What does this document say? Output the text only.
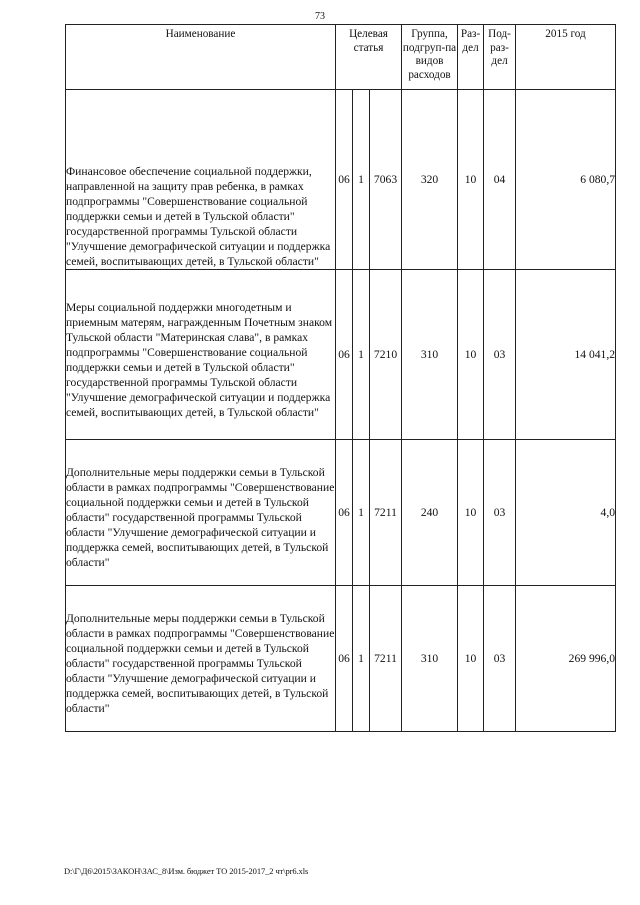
73
Наименование	Целевая статья			Группа, подгруп-па видов расходов	Раз-дел	Под-раз-дел	2015 год
Финансовое обеспечение социальной поддержки, направленной на защиту прав ребенка, в рамках подпрограммы "Совершенствование социальной поддержки семьи и детей в Тульской области" государственной программы Тульской области "Улучшение демографической ситуации и поддержка семей, воспитывающих детей, в Тульской области"	06	1	7063	320	10	04	6 080,7
Меры социальной поддержки многодетным и приемным матерям, награжденным Почетным знаком Тульской области "Материнская слава", в рамках подпрограммы "Совершенствование социальной поддержки семьи и детей в Тульской области" государственной программы Тульской области "Улучшение демографической ситуации и поддержка семей, воспитывающих детей, в Тульской области"	06	1	7210	310	10	03	14 041,2
Дополнительные меры поддержки семьи в Тульской области в рамках подпрограммы "Совершенствование социальной поддержки семьи и детей в Тульской области" государственной программы Тульской области "Улучшение демографической ситуации и поддержка семей, воспитывающих детей, в Тульской области"	06	1	7211	240	10	03	4,0
Дополнительные меры поддержки семьи в Тульской области в рамках подпрограммы "Совершенствование социальной поддержки семьи и детей в Тульской области" государственной программы Тульской области "Улучшение демографической ситуации и поддержка семей, воспитывающих детей, в Тульской области"	06	1	7211	310	10	03	269 996,0
D:\Г\Д6\2015\ЗАКОН\ЗАС_8\Изм. бюджет ТО 2015-2017_2 чт\pr6.xls
